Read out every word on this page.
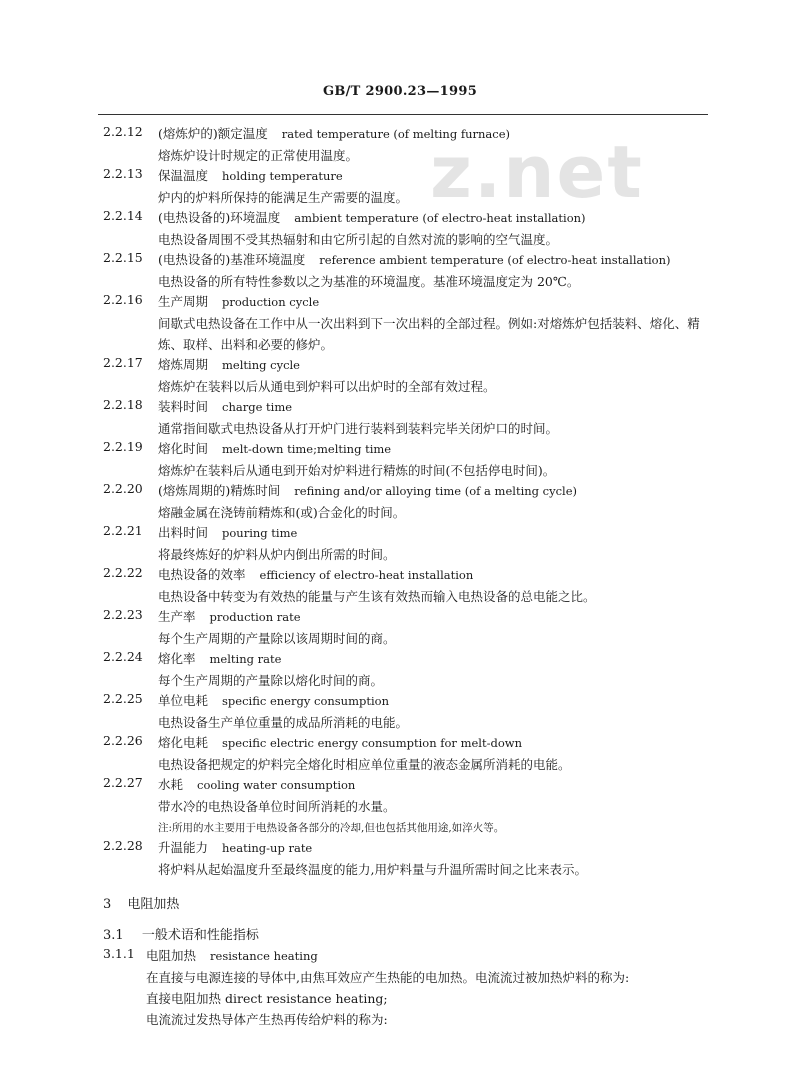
GB/T 2900.23—1995
z.net
2.2.12 (熔炼炉的)额定温度 rated temperature (of melting furnace)
熔炼炉设计时规定的正常使用温度。
2.2.13 保温温度 holding temperature
炉内的炉料所保持的能满足生产需要的温度。
2.2.14 (电热设备的)环境温度 ambient temperature (of electro-heat installation)
电热设备周围不受其热辐射和由它所引起的自然对流的影响的空气温度。
2.2.15 (电热设备的)基准环境温度 reference ambient temperature (of electro-heat installation)
电热设备的所有特性参数以之为基准的环境温度。基准环境温度定为 20℃。
2.2.16 生产周期 production cycle
间歇式电热设备在工作中从一次出料到下一次出料的全部过程。例如:对熔炼炉包括装料、熔化、精炼、取样、出料和必要的修炉。
2.2.17 熔炼周期 melting cycle
熔炼炉在装料以后从通电到炉料可以出炉时的全部有效过程。
2.2.18 装料时间 charge time
通常指间歇式电热设备从打开炉门进行装料到装料完毕关闭炉口的时间。
2.2.19 熔化时间 melt-down time;melting time
熔炼炉在装料后从通电到开始对炉料进行精炼的时间(不包括停电时间)。
2.2.20 (熔炼周期的)精炼时间 refining and/or alloying time (of a melting cycle)
熔融金属在浇铸前精炼和(或)合金化的时间。
2.2.21 出料时间 pouring time
将最终炼好的炉料从炉内倒出所需的时间。
2.2.22 电热设备的效率 efficiency of electro-heat installation
电热设备中转变为有效热的能量与产生该有效热而输入电热设备的总电能之比。
2.2.23 生产率 production rate
每个生产周期的产量除以该周期时间的商。
2.2.24 熔化率 melting rate
每个生产周期的产量除以熔化时间的商。
2.2.25 单位电耗 specific energy consumption
电热设备生产单位重量的成品所消耗的电能。
2.2.26 熔化电耗 specific electric energy consumption for melt-down
电热设备把规定的炉料完全熔化时相应单位重量的液态金属所消耗的电能。
2.2.27 水耗 cooling water consumption
带水冷的电热设备单位时间所消耗的水量。
注:所用的水主要用于电热设备各部分的冷却,但也包括其他用途,如淬火等。
2.2.28 升温能力 heating-up rate
将炉料从起始温度升至最终温度的能力,用炉料量与升温所需时间之比来表示。
3 电阻加热
3.1 一般术语和性能指标
3.1.1 电阻加热 resistance heating
在直接与电源连接的导体中,由焦耳效应产生热能的电加热。电流流过被加热炉料的称为:
直接电阻加热 direct resistance heating;
电流流过发热导体产生热再传给炉料的称为:
